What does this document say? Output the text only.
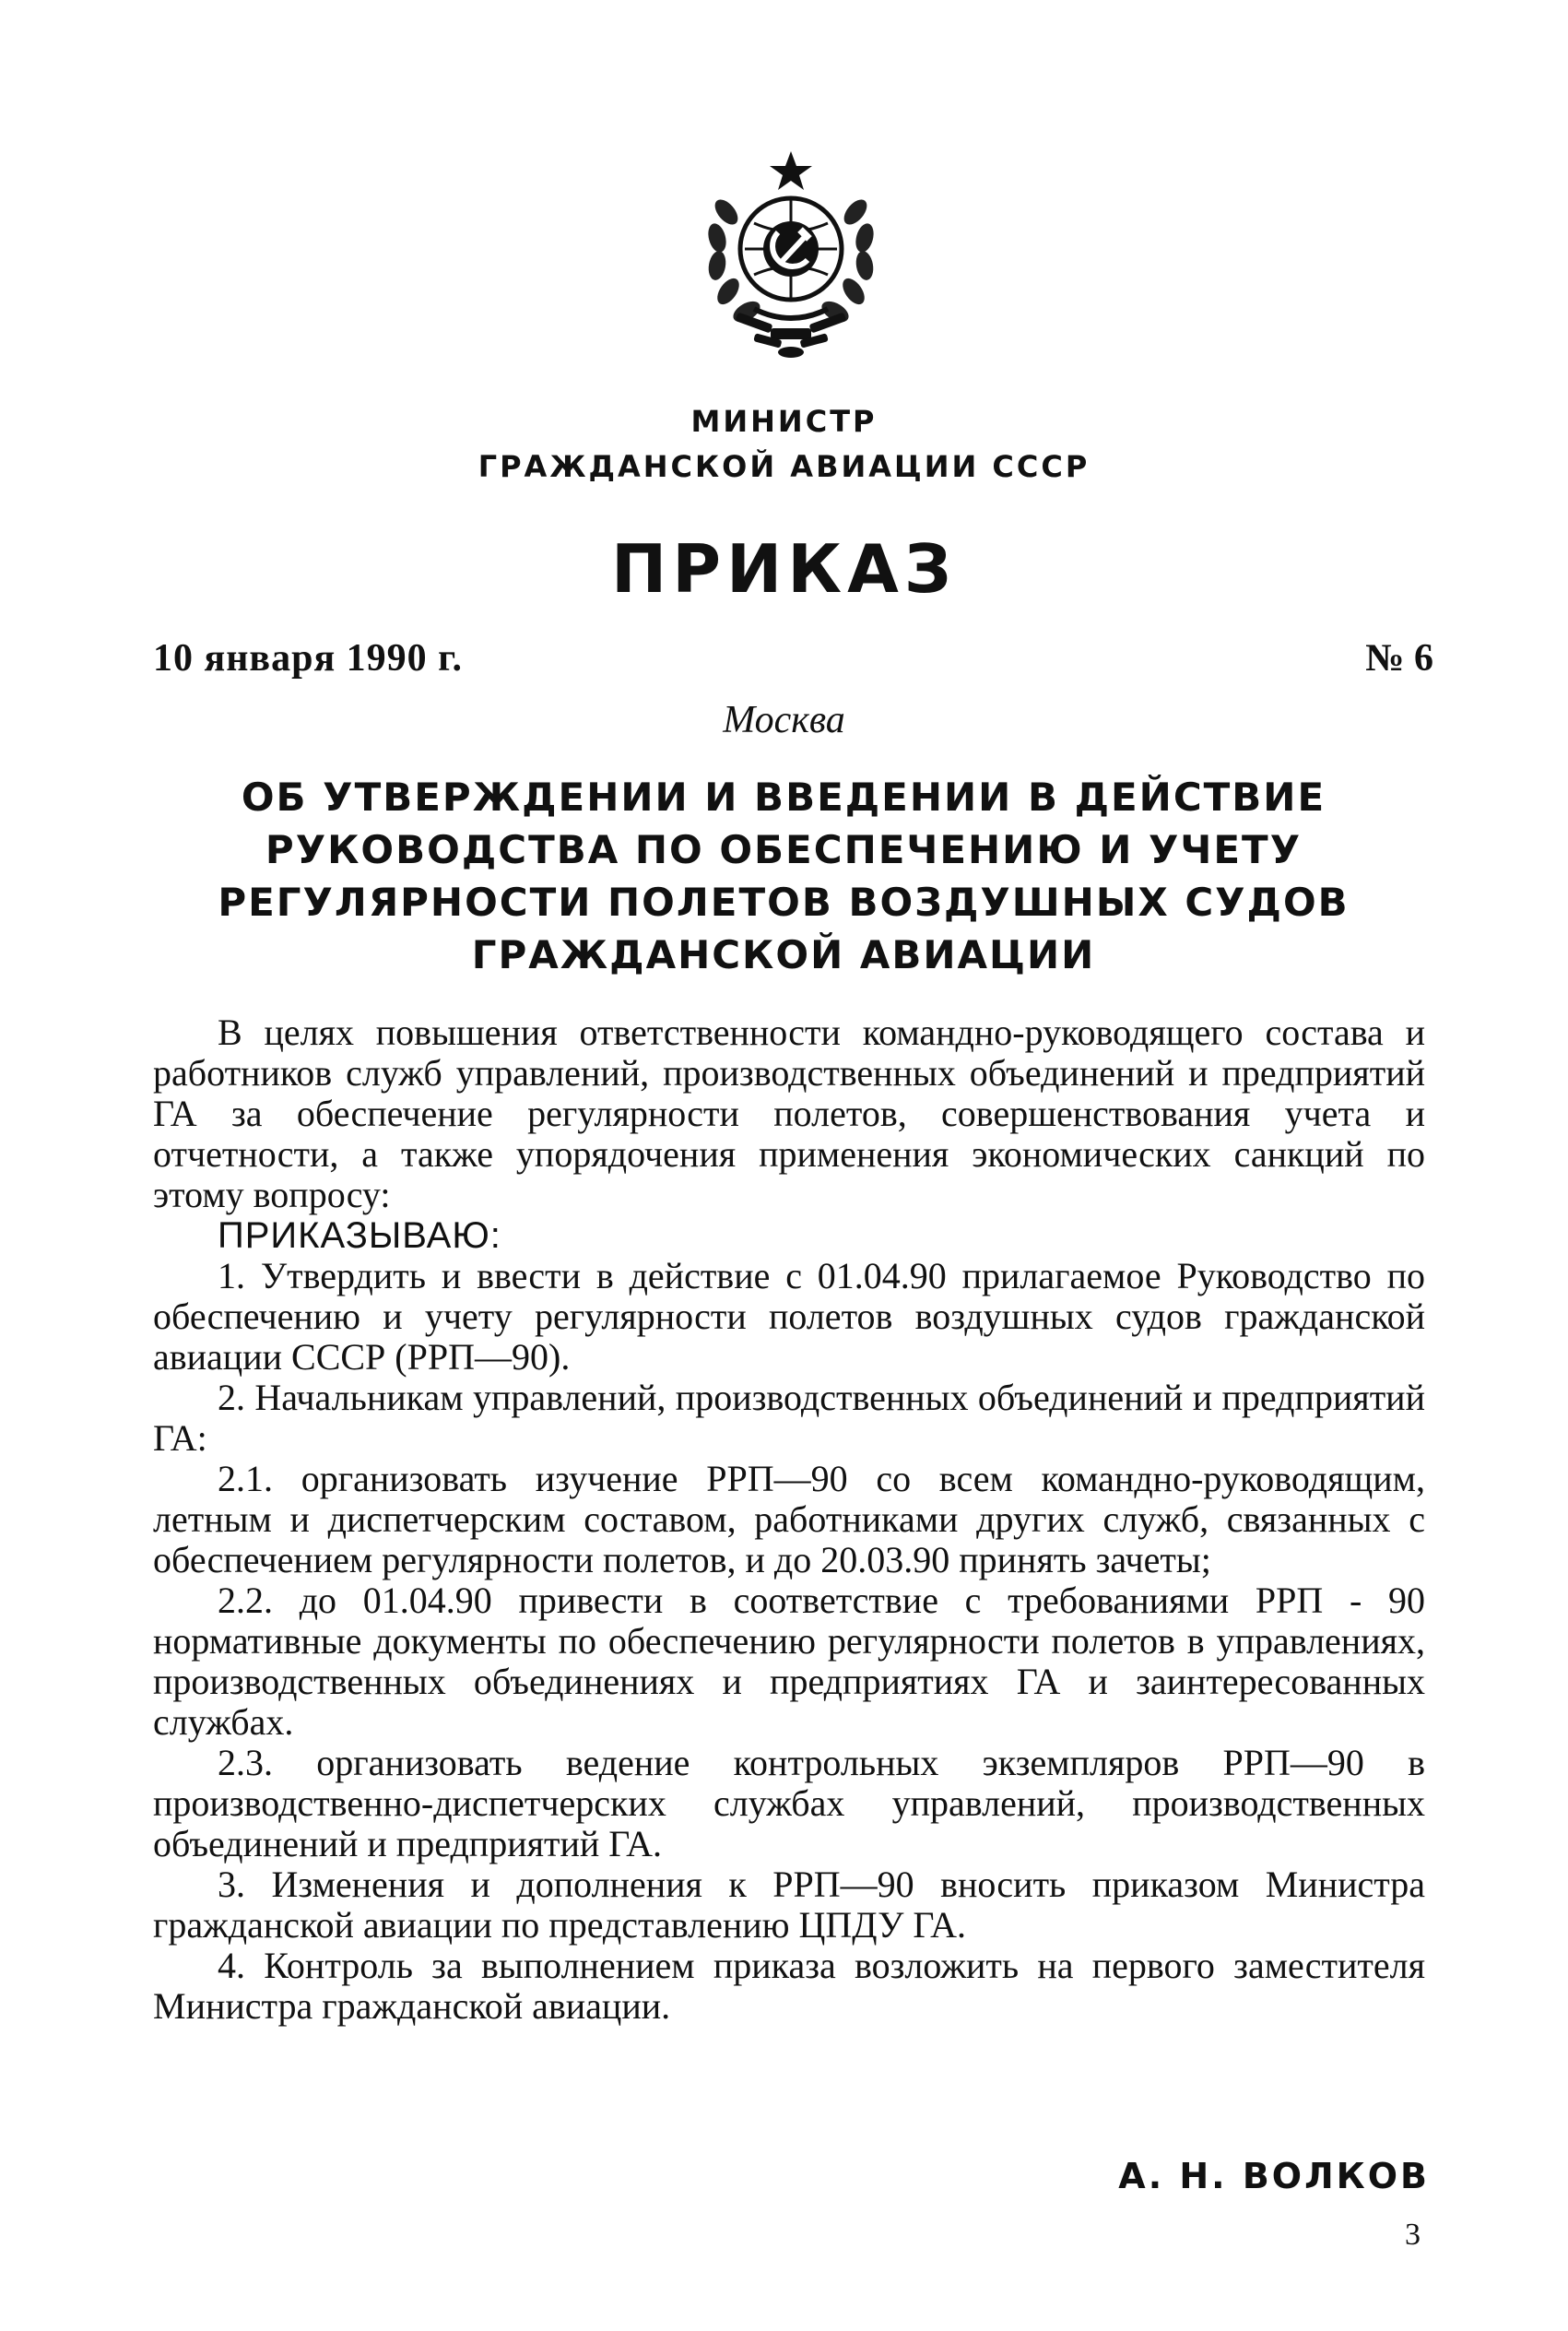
МИНИСТР
ГРАЖДАНСКОЙ АВИАЦИИ СССР
ПРИКАЗ
10 января 1990 г.	№ 6
Москва
ОБ УТВЕРЖДЕНИИ И ВВЕДЕНИИ В ДЕЙСТВИЕ
РУКОВОДСТВА ПО ОБЕСПЕЧЕНИЮ И УЧЕТУ
РЕГУЛЯРНОСТИ ПОЛЕТОВ ВОЗДУШНЫХ СУДОВ
ГРАЖДАНСКОЙ АВИАЦИИ

В целях повышения ответственности командно-руководящего состава и работников служб управлений, производственных объединений и предприятий ГА за обеспечение регулярности полетов, совершенствования учета и отчетности, а также упорядочения применения экономических санкций по этому вопросу:

ПРИКАЗЫВАЮ:

1. Утвердить и ввести в действие с 01.04.90 прилагаемое Руководство по обеспечению и учету регулярности полетов воздушных судов гражданской авиации СССР (РРП—90).

2. Начальникам управлений, производственных объединений и предприятий ГА:

2.1. организовать изучение РРП—90 со всем командно-руководящим, летным и диспетчерским составом, работниками других служб, связанных с обеспечением регулярности полетов, и до 20.03.90 принять зачеты;

2.2. до 01.04.90 привести в соответствие с требованиями РРП - 90 нормативные документы по обеспечению регулярности полетов в управлениях, производственных объединениях и предприятиях ГА и заинтересованных службах.

2.3. организовать ведение контрольных экземпляров РРП—90 в производственно-диспетчерских службах управлений, производственных объединений и предприятий ГА.

3. Изменения и дополнения к РРП—90 вносить приказом Министра гражданской авиации по представлению ЦПДУ ГА.

4. Контроль за выполнением приказа возложить на первого заместителя Министра гражданской авиации.

А. Н. ВОЛКОВ
3
